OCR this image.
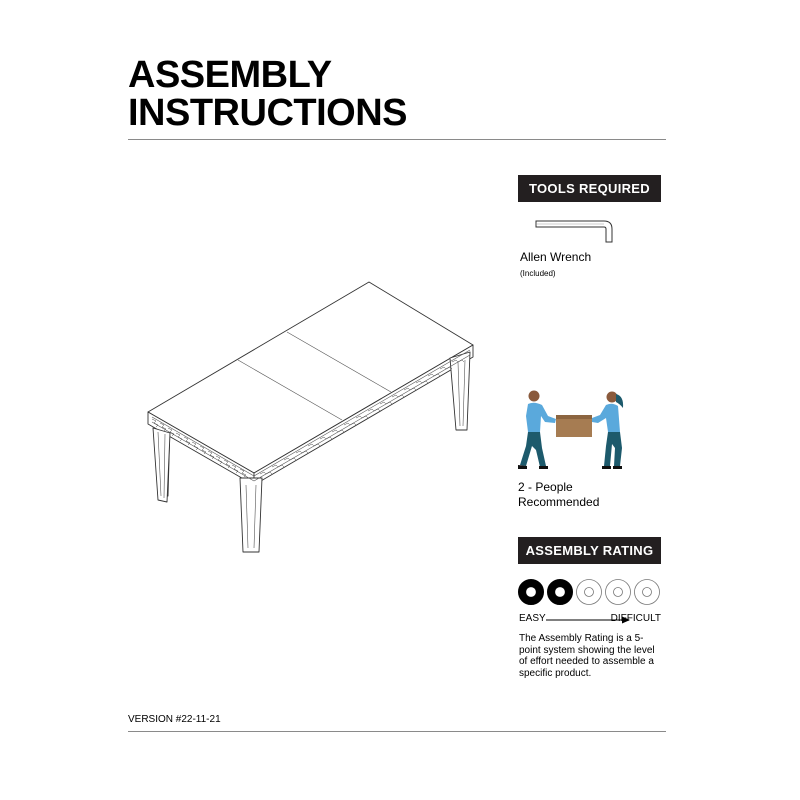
ASSEMBLY
INSTRUCTIONS
TOOLS REQUIRED
Allen Wrench
(Included)
2 - People
Recommended
ASSEMBLY RATING
EASY	DIFFICULT

The Assembly Rating is a 5-point system showing the level of effort needed to assemble a specific product.

VERSION #22-11-21
